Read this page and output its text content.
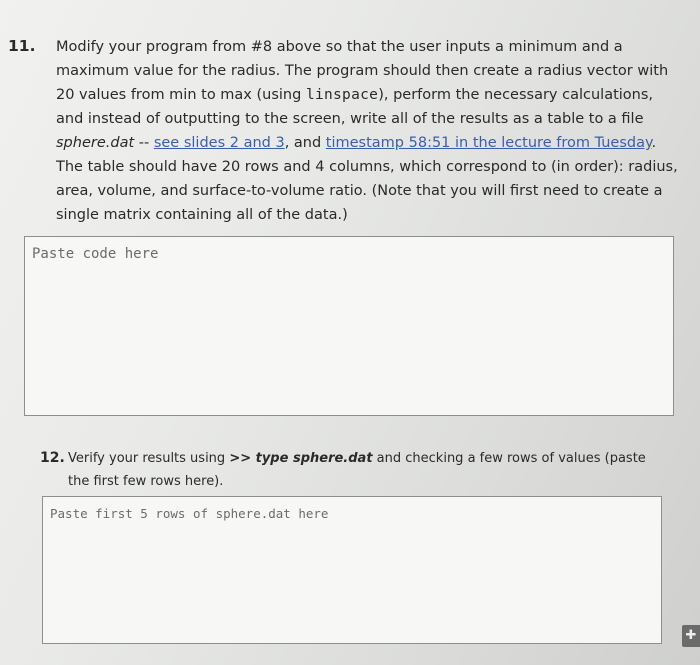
11. Modify your program from #8 above so that the user inputs a minimum and a maximum value for the radius. The program should then create a radius vector with 20 values from min to max (using linspace), perform the necessary calculations, and instead of outputting to the screen, write all of the results as a table to a file sphere.dat -- see slides 2 and 3, and timestamp 58:51 in the lecture from Tuesday. The table should have 20 rows and 4 columns, which correspond to (in order): radius, area, volume, and surface-to-volume ratio. (Note that you will first need to create a single matrix containing all of the data.)
Paste code here
12. Verify your results using >> type sphere.dat and checking a few rows of values (paste the first few rows here).
Paste first 5 rows of sphere.dat here
✚
